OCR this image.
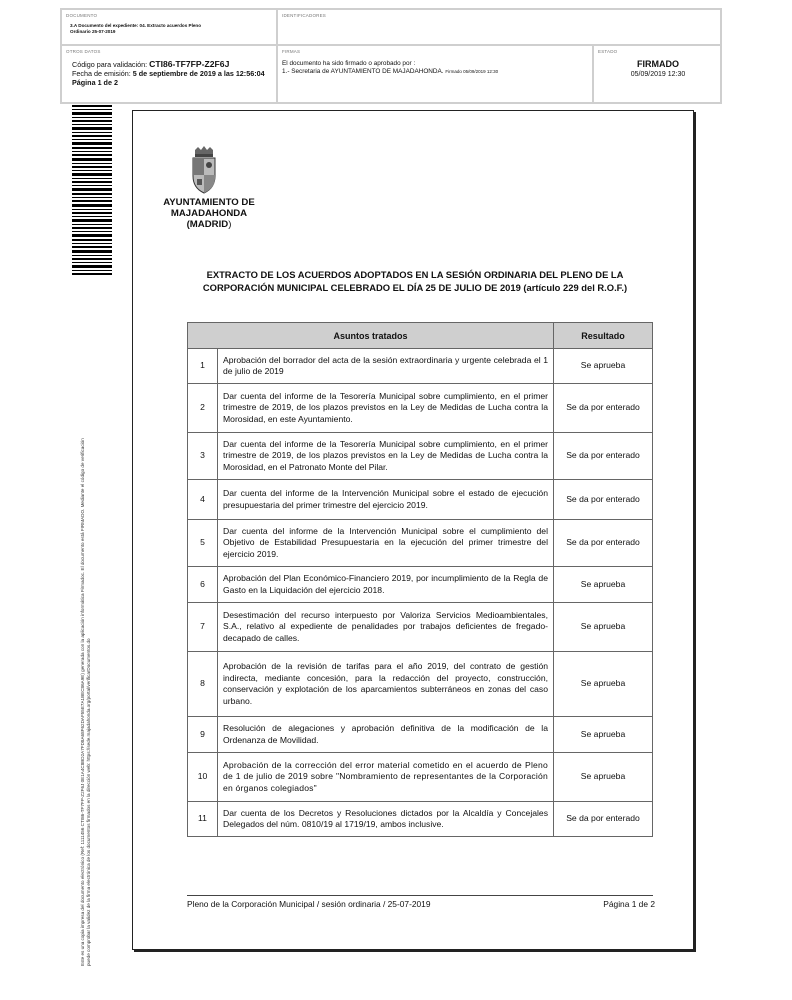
DOCUMENTO
3.A Documento del expediente: 04. Extracto acuerdos Pleno
Ordinario 25-07-2019
IDENTIFICADORES
OTROS DATOS
Código para validación: CTI86-TF7FP-Z2F6J
Fecha de emisión: 5 de septiembre de 2019 a las 12:56:04
Página 1 de 2
FIRMAS
El documento ha sido firmado o aprobado por :
1.- Secretaria de AYUNTAMIENTO DE MAJADAHONDA. Firmado 05/09/2019 12:30
ESTADO
FIRMADO
05/09/2019 12:30
Este es una copia impresa del documento electrónico (Ref: 1111456 CTI86-TF7FP-Z2F6J 0E1A4C8BD2A7FD8A68F62DAF55E7A1BEC86A9E) generada con la aplicación informática Firmadoc. El documento está FIRMADO. Mediante el código de verificación puede comprobar la validez de la firma electrónica de los documentos firmados en la dirección web: https://sede.majadahonda.org/portal/verificarDocumentos.do
AYUNTAMIENTO DE
MAJADAHONDA
(MADRID)
EXTRACTO DE LOS ACUERDOS ADOPTADOS EN LA SESIÓN ORDINARIA DEL PLENO DE LA
CORPORACIÓN MUNICIPAL CELEBRADO EL DÍA 25 DE JULIO DE 2019 (artículo 229 del R.O.F.)
Asuntos tratados		Resultado
1	Aprobación del borrador del acta de la sesión extraordinaria y urgente celebrada el 1 de julio de 2019	Se aprueba
2	Dar cuenta del informe de la Tesorería Municipal sobre cumplimiento, en el primer trimestre de 2019, de los plazos previstos en la Ley de Medidas de Lucha contra la Morosidad, en este Ayuntamiento.	Se da por enterado
3	Dar cuenta del informe de la Tesorería Municipal sobre cumplimiento, en el primer trimestre de 2019, de los plazos previstos en la Ley de Medidas de Lucha contra la Morosidad, en el Patronato Monte del Pilar.	Se da por enterado
4	Dar cuenta del informe de la Intervención Municipal sobre el estado de ejecución presupuestaria del primer trimestre del ejercicio 2019.	Se da por enterado
5	Dar cuenta del informe de la Intervención Municipal sobre el cumplimiento del Objetivo de Estabilidad Presupuestaria en la ejecución del primer trimestre del ejercicio 2019.	Se da por enterado
6	Aprobación del Plan Económico-Financiero 2019, por incumplimiento de la Regla de Gasto en la Liquidación del ejercicio 2018.	Se aprueba
7	Desestimación del recurso interpuesto por Valoriza Servicios Medioambientales, S.A., relativo al expediente de penalidades por trabajos deficientes de fregado-decapado de calles.	Se aprueba
8	Aprobación de la revisión de tarifas para el año 2019, del contrato de gestión indirecta, mediante concesión, para la redacción del proyecto, construcción, conservación y explotación de los aparcamientos subterráneos en zonas del caso urbano.	Se aprueba
9	Resolución de alegaciones y aprobación definitiva de la modificación de la Ordenanza de Movilidad.	Se aprueba
10	Aprobación de la corrección del error material cometido en el acuerdo de Pleno de 1 de julio de 2019 sobre "Nombramiento de representantes de la Corporación en órganos colegiados"	Se aprueba
11	Dar cuenta de los Decretos y Resoluciones dictados por la Alcaldía y Concejales Delegados del núm. 0810/19 al 1719/19, ambos inclusive.	Se da por enterado
Pleno de la Corporación Municipal / sesión ordinaria / 25-07-2019	Página 1 de 2
